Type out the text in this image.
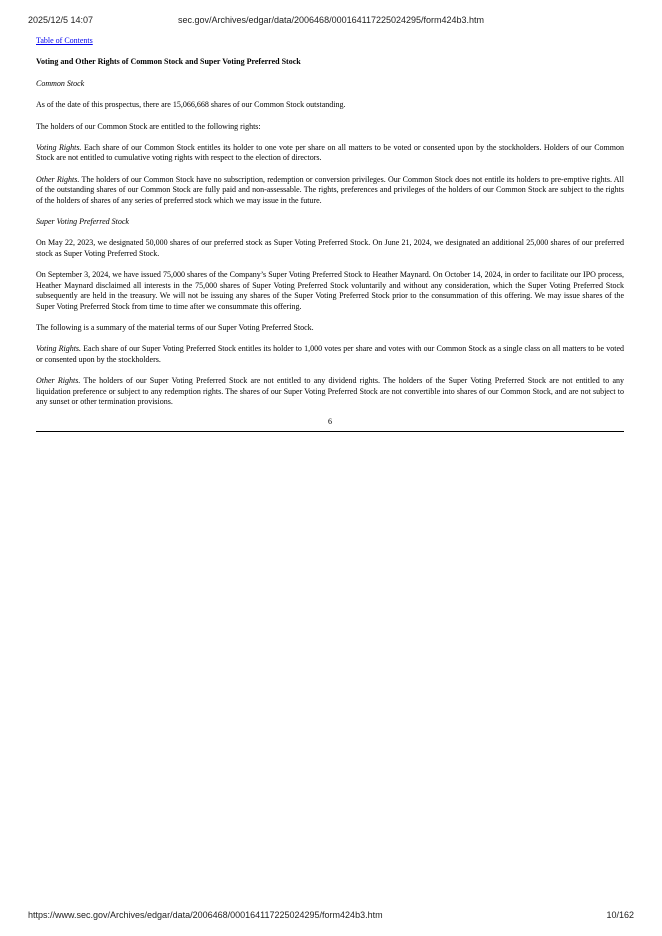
2025/12/5 14:07	sec.gov/Archives/edgar/data/2006468/000164117225024295/form424b3.htm
Table of Contents
Voting and Other Rights of Common Stock and Super Voting Preferred Stock
Common Stock
As of the date of this prospectus, there are 15,066,668 shares of our Common Stock outstanding.
The holders of our Common Stock are entitled to the following rights:
Voting Rights. Each share of our Common Stock entitles its holder to one vote per share on all matters to be voted or consented upon by the stockholders. Holders of our Common Stock are not entitled to cumulative voting rights with respect to the election of directors.
Other Rights. The holders of our Common Stock have no subscription, redemption or conversion privileges. Our Common Stock does not entitle its holders to pre-emptive rights. All of the outstanding shares of our Common Stock are fully paid and non-assessable. The rights, preferences and privileges of the holders of our Common Stock are subject to the rights of the holders of shares of any series of preferred stock which we may issue in the future.
Super Voting Preferred Stock
On May 22, 2023, we designated 50,000 shares of our preferred stock as Super Voting Preferred Stock. On June 21, 2024, we designated an additional 25,000 shares of our preferred stock as Super Voting Preferred Stock.
On September 3, 2024, we have issued 75,000 shares of the Company’s Super Voting Preferred Stock to Heather Maynard. On October 14, 2024, in order to facilitate our IPO process, Heather Maynard disclaimed all interests in the 75,000 shares of Super Voting Preferred Stock voluntarily and without any consideration, which the Super Voting Preferred Stock subsequently are held in the treasury. We will not be issuing any shares of the Super Voting Preferred Stock prior to the consummation of this offering. We may issue shares of the Super Voting Preferred Stock from time to time after we consummate this offering.
The following is a summary of the material terms of our Super Voting Preferred Stock.
Voting Rights. Each share of our Super Voting Preferred Stock entitles its holder to 1,000 votes per share and votes with our Common Stock as a single class on all matters to be voted or consented upon by the stockholders.
Other Rights. The holders of our Super Voting Preferred Stock are not entitled to any dividend rights. The holders of the Super Voting Preferred Stock are not entitled to any liquidation preference or subject to any redemption rights. The shares of our Super Voting Preferred Stock are not convertible into shares of our Common Stock, and are not subject to any sunset or other termination provisions.
6
https://www.sec.gov/Archives/edgar/data/2006468/000164117225024295/form424b3.htm	10/162
